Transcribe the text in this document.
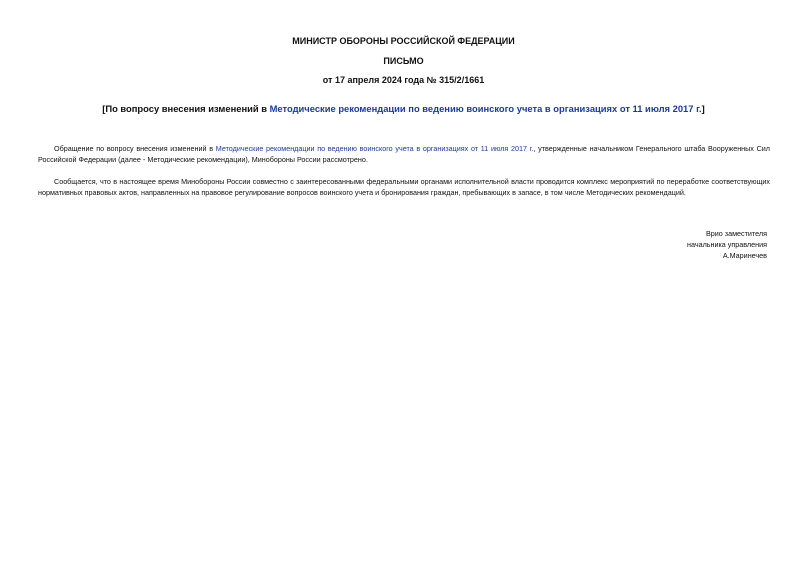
МИНИСТР ОБОРОНЫ РОССИЙСКОЙ ФЕДЕРАЦИИ
ПИСЬМО
от 17 апреля 2024 года № 315/2/1661
[По вопросу внесения изменений в Методические рекомендации по ведению воинского учета в организациях от 11 июля 2017 г.]
Обращение по вопросу внесения изменений в Методические рекомендации по ведению воинского учета в организациях от 11 июля 2017 г., утвержденные начальником Генерального штаба Вооруженных Сил Российской Федерации (далее - Методические рекомендации), Минобороны России рассмотрено.
Сообщается, что в настоящее время Минобороны России совместно с заинтересованными федеральными органами исполнительной власти проводится комплекс мероприятий по переработке соответствующих нормативных правовых актов, направленных на правовое регулирование вопросов воинского учета и бронирования граждан, пребывающих в запасе, в том числе Методических рекомендаций.
Врио заместителя
начальника управления
А.Маринечев
